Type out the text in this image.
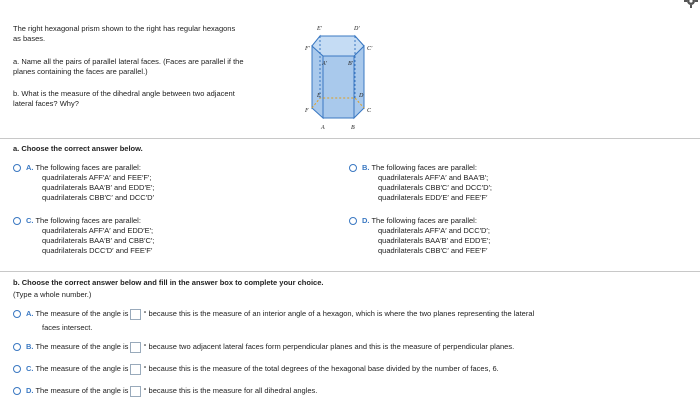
The right hexagonal prism shown to the right has regular hexagons
as bases.
a. Name all the pairs of parallel lateral faces. (Faces are parallel if the
planes containing the faces are parallel.)
b. What is the measure of the dihedral angle between two adjacent
lateral faces? Why?
E'	D'
F'	C'
A'	B'
E	D
F	C
A	B
a. Choose the correct answer below.
A. The following faces are parallel:
quadrilaterals AFF′A′ and FEE′F′;
quadrilaterals BAA′B′ and EDD′E′;
quadrilaterals CBB′C′ and DCC′D′
B. The following faces are parallel:
quadrilaterals AFF′A′ and BAA′B′;
quadrilaterals CBB′C′ and DCC′D′;
quadrilaterals EDD′E′ and FEE′F′
C. The following faces are parallel:
quadrilaterals AFF′A′ and EDD′E′;
quadrilaterals BAA′B′ and CBB′C′;
quadrilaterals DCC′D′ and FEE′F′
D. The following faces are parallel:
quadrilaterals AFF′A′ and DCC′D′;
quadrilaterals BAA′B′ and EDD′E′;
quadrilaterals CBB′C′ and FEE′F′
b. Choose the correct answer below and fill in the answer box to complete your choice.
(Type a whole number.)
A. The measure of the angle is ° because this is the measure of an interior angle of a hexagon, which is where the two planes representing the lateral
faces intersect.
B. The measure of the angle is ° because two adjacent lateral faces form perpendicular planes and this is the measure of perpendicular planes.
C. The measure of the angle is ° because this is the measure of the total degrees of the hexagonal base divided by the number of faces, 6.
D. The measure of the angle is ° because this is the measure for all dihedral angles.
